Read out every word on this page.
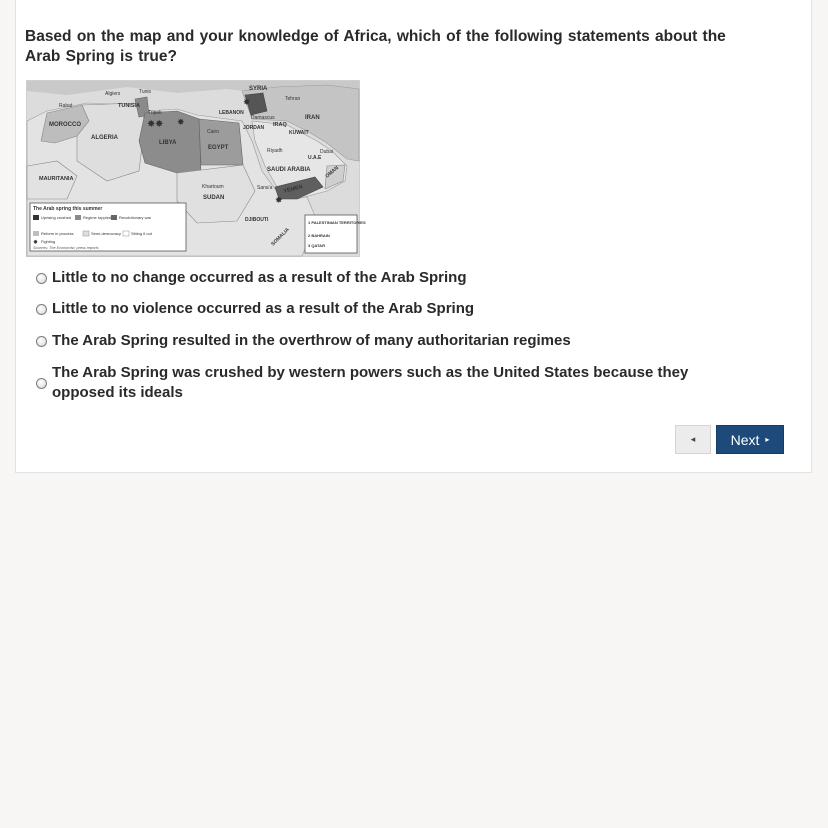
Based on the map and your knowledge of Africa, which of the following statements about the Arab Spring is true?
✸ ✸ ✸
✸
✸
MOROCCO
ALGERIA
LIBYA
EGYPT
MAURITANIA
SUDAN
TUNISIA
SYRIA
IRAN
IRAQ
JORDAN
KUWAIT
LEBANON
SAUDI ARABIA
YEMEN
OMAN
U.A.E
DJIBOUTI
SOMALIA
Rabat
Algiers	Tunis
Tripoli
Cairo
Damascus
Tehran
Riyadh
Khartoum	Sana'a
Dubai
The Arab spring this summer
Uprising crushed	Regime toppled Revolutionary war
Reform in process	Semi-democracy Sitting it out
✸ Fighting
Sources: The Economist; press reports
1 PALESTINIAN TERRITORIES
2 BAHRAIN
3 QATAR
Little to no change occurred as a result of the Arab Spring
Little to no violence occurred as a result of the Arab Spring
The Arab Spring resulted in the overthrow of many authoritarian regimes
The Arab Spring was crushed by western powers such as the United States because they opposed its ideals
◂	Next ▸
